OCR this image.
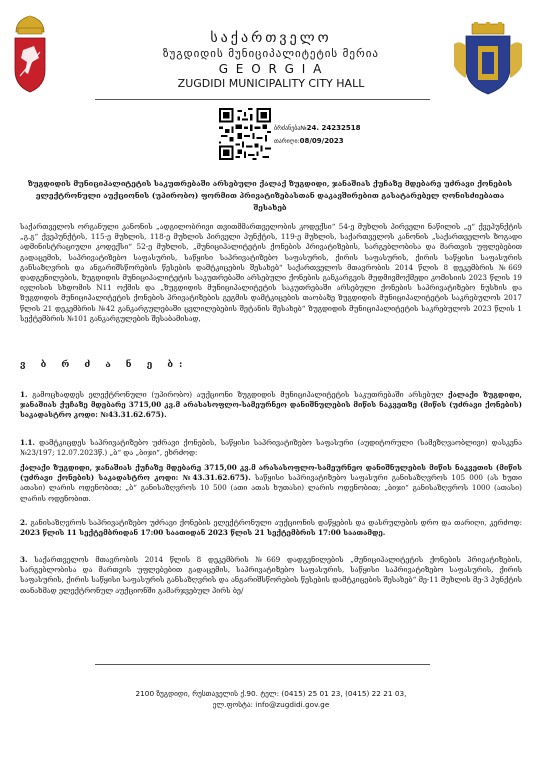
საქართველო
ზუგდიდის მუნიციპალიტეტის მერია
G E O R G I A
ZUGDIDI MUNICIPALITY CITY HALL
ბრძანება№24. 24232518
თარიღი:08/09/2023
ზუგდიდის მუნიციპალიტეტის საკუთრებაში არსებული ქალაქ ზუგდიდი, ჯანაშიას ქუჩაზე მდებარე უძრავი ქონების ელექტრონული აუქციონის (უპირობო) ფორმით პრივატიზებასთან დაკავშირებით გასატარებელ ღონისძიებათა შესახებ
საქართველოს ორგანული კანონის „ადგილობრივი თვითმმართველობის კოდექსი“ 54-ე მუხლის პირველი ნაწილის „ე“ ქვეპუნქტის „გ.გ“ ქვეპუნქტის, 115-ე მუხლის, 118-ე მუხლის პირველი პუნქტის, 119-ე მუხლის, საქართველოს კანონის „საქართველოს ზოგადი ადმინისტრაციული კოდექსი“ 52-ე მუხლის, „მუნიციპალიტეტის ქონების პრივატიზების, სარგებლობისა და მართვის უფლებებით გადაცემის, საპრივატიზებო საფასურის, საწყისი საპრივატიზებო საფასურის, ქირის საფასურის, ქირის საწყისი საფასურის განსაზღვრის და ანგარიშსწორების წესების დამტკიცების შესახებ“ საქართველოს მთავრობის 2014 წლის 8 დეკემბრის №669 დადგენილების, ზუგდიდის მუნიციპალიტეტის საკუთრებაში არსებული ქონების განკარგვის მუდმივმოქმედი კომისიის 2023 წლის 19 ივლისის სხდომის N11 ოქმის და „ზუგდიდის მუნიციპალიტეტის საკუთრებაში არსებული ქონების საპრივატიზებო ნუსხის და ზუგდიდის მუნიციპალიტეტის ქონების პრივატიზების გეგმის დამტკიცების თაობაზე ზუგდიდის მუნიციპალიტეტის საკრებულოს 2017 წლის 21 დეკემბრის №42 განკარგულებაში ცვლილებების შეტანის შესახებ“ ზუგდიდის მუნიციპალიტეტის საკრებულოს 2023 წლის 1 სექტემბრის №101 განკარგულების შესაბამისად,
ვ ბ რ ძ ა ნ ე ბ:
1. გამოცხადდეს ელექტრონული (უპირობო) აუქციონი ზუგდიდის მუნიციპალიტეტის საკუთრებაში არსებულ ქალაქი ზუგდიდი, ჯანაშიას ქუჩაზე მდებარე 3715,00 კვ.მ არასასოფლო-სამეურნეო დანიშნულების მიწის ნაკვეთზე (მიწის (უძრავი ქონების) საკადასტრო კოდი: №43.31.62.675).
1.1. დამტკიცდეს საპრივატიზებო უძრავი ქონების, საწყისი საპრივატიზებო საფასური (აუდიტორული (სამეზღვაობლივი) დასკვნა №23/197; 12.07.2023წ.) „ბ“ და „ბიჯი“, ეხრძოდ:
ქალაქი ზუგდიდი, ჯანაშიას ქუჩაზე მდებარე 3715,00 კვ.მ არასასოფლო-სამეურნეო დანიშნულების მიწის ნაკვეთის (მიწის (უძრავი ქონების) საკადასტრო კოდი: №43.31.62.675). საწყისი საპრივატიზებო საფასური განისაზღვროს 105 000 (ას ხუთი ათასი) ლარის ოდენობით; „ბ“ განისაზღვროს 10 500 (ათი ათას ხუთასი) ლარის ოდენობით; „ბიჯი“ განისაზღვროს 1000 (ათასი) ლარის ოდენობით.
2. განისაზღვროს საპრივატიზებო უძრავი ქონების ელექტრონული აუქციონის დაწყების და დასრულების დრო და თარიღი, კერძოდ: 2023 წლის 11 სექტემბრიდან 17:00 საათიდან 2023 წლის 21 სექტემბრის 17:00 საათამდე.
3. საქართველოს მთავრობის 2014 წლის 8 დეკემბრის №669 დადგენილების „მუნიციპალიტეტის ქონების პრივატიზების, სარგებლობისა და მართვის უფლებებით გადაცემის, საპრივატიზებო საფასურის, საწყისი საპრივატიზებო საფასურის, ქირის საფასურის, ქირის საწყისი საფასურის განსაზღვრის და ანგარიშსწორების წესების დამტკიცების შესახებ“ მე-11 მუხლის მე-3 პუნქტის თანახმად ელექტრონულ აუქციონში გამარჯვებულ პირს ბე/
2100 ზუგდიდი, რუსთაველის ქ.90. ტელ: (0415) 25 01 23, (0415) 22 21 03,
ელ.ფოსტა: info@zugdidi.gov.ge
